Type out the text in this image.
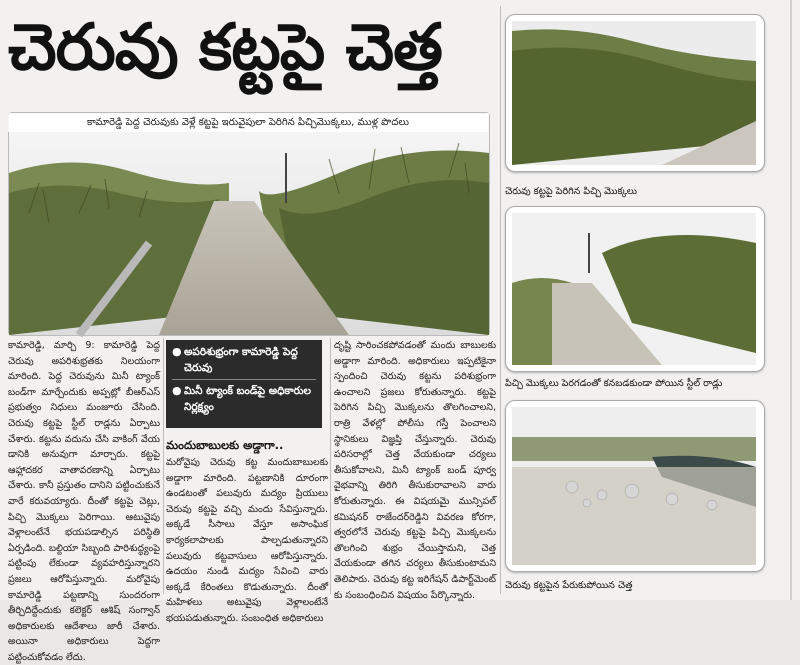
చెరువు కట్టపై చెత్త
కామారెడ్డి పెద్ద చెరువుకు వెళ్లే కట్టపై ఇరువైపులా పెరిగిన పిచ్చిమొక్కలు, ముళ్ల పొదలు
చెరువు కట్టపై పెరిగిన పిచ్చి మొక్కలు
పిచ్చి మొక్కలు పెరగడంతో కనబడకుండా పోయిన స్టీల్ రాడ్లు
చెరువు కట్టపైన పేరుకుపోయిన చెత్త

కామారెడ్డి, మార్చి 9: కామారెడ్డి పెద్ద చెరువు అపరిశుభ్రతకు నిలయంగా మారింది. పెద్ద చెరువును మినీ ట్యాంక్ బండ్‌గా మార్చేందుకు అప్పట్లో బీఆర్ఎస్ ప్రభుత్వం నిధులు మంజూరు చేసింది. చెరువు కట్టపై స్టీల్ రాడ్లను ఏర్పాటు చేశారు. కట్టను వదును చేసి వాకింగ్ వేయ డానికి అనువుగా మార్చారు. కట్టపై ఆహ్లాదకర వాతావరణాన్ని ఏర్పాటు చేశారు. కానీ ప్రస్తుతం దానిని పట్టించుకునే వారే కరువయ్యారు. దీంతో కట్టపై చెట్లు, పిచ్చి మొక్కలు పెరిగాయి. ఆటువైపు వెళ్లాలంటేనే భయపడాల్సిన పరిస్థితి ఏర్పడింది. బల్దియా సిబ్బంది పారిశుద్ధ్యంపై పట్టింపు లేకుండా వ్యవహరిస్తున్నారని ప్రజలు ఆరోపిస్తున్నారు. మరోవైపు కామారెడ్డి పట్టణాన్ని సుందరంగా తీర్చిదిద్దేందుకు కలెక్టర్ ఆశిష్ సంగ్వాన్ అధికారులకు ఆదేశాలు జారీ చేశారు. అయినా అధికారులు పెద్దగా పట్టించుకోవడం లేదు.

● అపరిశుభ్రంగా కామారెడ్డి పెద్ద చెరువు
● మినీ ట్యాంక్ బండ్‌పై అధికారుల నిర్లక్ష్యం
మందుబాబులకు అడ్డాగా..

మరోవైపు చెరువు కట్ట మందుబాబులకు అడ్డాగా మారింది. పట్టణానికి దూరంగా ఉండటంతో పలువురు మద్యం ప్రియులు చెరువు కట్టపై వచ్చి మందు సేవిస్తున్నారు. అక్కడే సీసాలు వేస్తూ అసాంఘిక కార్యకలాపాలకు పాల్పడుతున్నారని పలువురు కట్టవాసులు ఆరోపిస్తున్నారు. ఉదయం నుండి మద్యం సేవించి వారు అక్కడే కేరింతలు కొడుతున్నారు. దీంతో మహిళలు అటువైపు వెళ్లాలంటేనే భయపడుతున్నారు. సంబంధిత అధికారులు

దృష్టి సారించకపోవడంతో మందు బాబులకు అడ్డాగా మారింది. అధికారులు ఇప్పటికైనా స్పందించి చెరువు కట్టను పరిశుభ్రంగా ఉంచాలని ప్రజలు కోరుతున్నారు. కట్టపై పెరిగిన పిచ్చి మొక్కలను తొలగించాలని, రాత్రి వేళల్లో పోలీసు గస్తీ పెంచాలని స్థానికులు విజ్ఞప్తి చేస్తున్నారు. చెరువు పరిసరాల్లో చెత్త వేయకుండా చర్యలు తీసుకోవాలని, మినీ ట్యాంక్ బండ్ పూర్వ వైభవాన్ని తిరిగి తీసుకురావాలని వారు కోరుతున్నారు. ఈ విషయమై మున్సిపల్ కమిషనర్ రాజేందర్‌రెడ్డిని వివరణ కోరగా, త్వరలోనే చెరువు కట్టపై పిచ్చి మొక్కలను తొలగించి శుభ్రం చేయిస్తామని, చెత్త వేయకుండా తగిన చర్యలు తీసుకుంటామని తెలిపారు. చెరువు కట్ట ఇరిగేషన్ డిపార్ట్‌మెంట్ కు సంబంధించిన విషయం పేర్కొన్నారు.
